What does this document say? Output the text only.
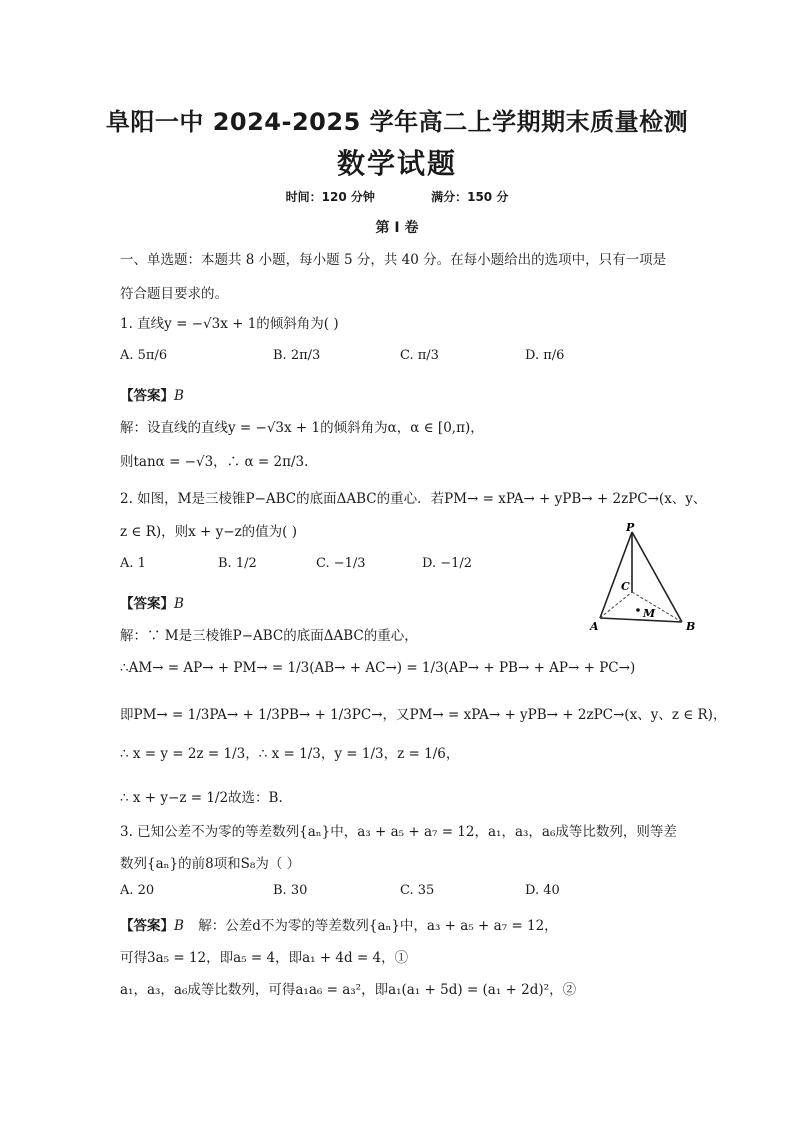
阜阳一中 2024-2025 学年高二上学期期末质量检测
数学试题
时间：120 分钟	满分：150 分
第 I 卷
一、单选题：本题共 8 小题，每小题 5 分，共 40 分。在每小题给出的选项中，只有一项是
符合题目要求的。
1. 直线y = −√3x + 1的倾斜角为( )
A. 5π/6	B. 2π/3	C. π/3	D. π/6
【答案】B
解：设直线的直线y = −√3x + 1的倾斜角为α，α ∈ [0,π)，
则tanα = −√3，∴ α = 2π/3.
2. 如图，M是三棱锥P−ABC的底面ΔABC的重心．若PM→ = xPA→ + yPB→ + 2zPC→(x、y、
z ∈ R)，则x + y−z的值为( )
A. 1	B. 1/2	C. −1/3	D. −1/2
【答案】B
解：∵ M是三棱锥P−ABC的底面ΔABC的重心，
∴AM→ = AP→ + PM→ = 1/3(AB→ + AC→) = 1/3(AP→ + PB→ + AP→ + PC→)
即PM→ = 1/3PA→ + 1/3PB→ + 1/3PC→，又PM→ = xPA→ + yPB→ + 2zPC→(x、y、z ∈ R)，
∴ x = y = 2z = 1/3，∴ x = 1/3，y = 1/3，z = 1/6，
∴ x + y−z = 1/2故选：B.
P
A	B
C
M
3. 已知公差不为零的等差数列{aₙ}中，a₃ + a₅ + a₇ = 12，a₁，a₃，a₆成等比数列，则等差
数列{aₙ}的前8项和S₈为（ ）
A. 20	B. 30	C. 35	D. 40
【答案】B 解：公差d不为零的等差数列{aₙ}中，a₃ + a₅ + a₇ = 12，
可得3a₅ = 12，即a₅ = 4，即a₁ + 4d = 4，①
a₁，a₃，a₆成等比数列，可得a₁a₆ = a₃²，即a₁(a₁ + 5d) = (a₁ + 2d)²，②
